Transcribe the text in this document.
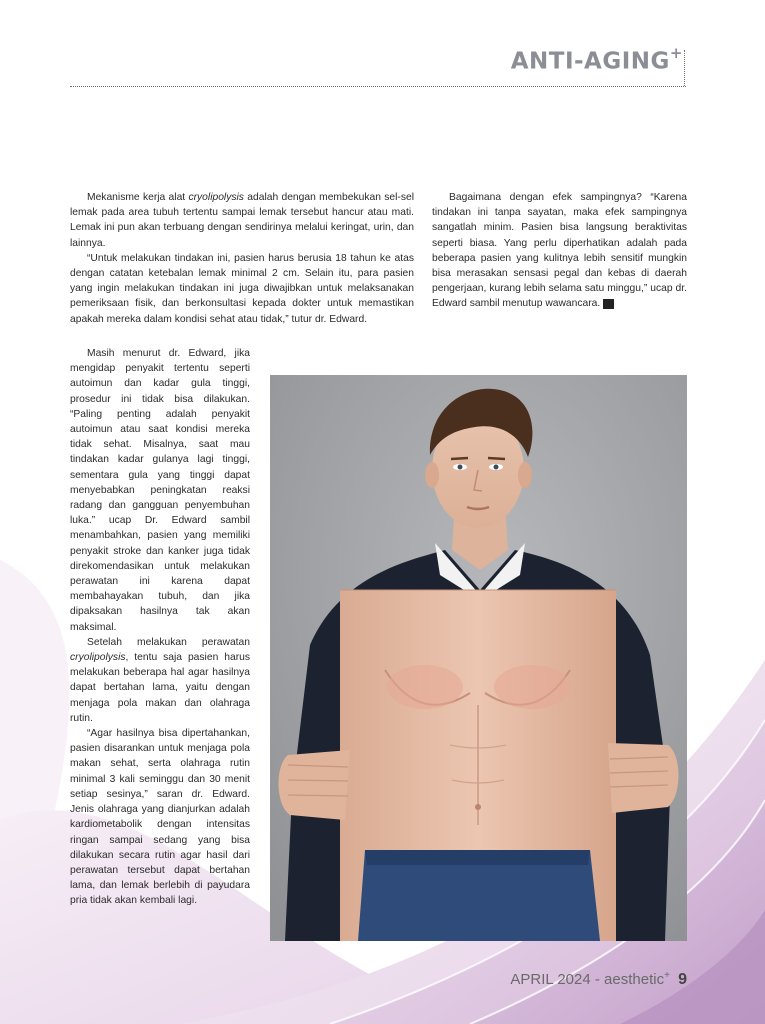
ANTI-AGING+

Mekanisme kerja alat cryolipolysis adalah dengan membekukan sel-sel lemak pada area tubuh tertentu sampai lemak tersebut hancur atau mati. Lemak ini pun akan terbuang dengan sendirinya melalui keringat, urin, dan lainnya.

“Untuk melakukan tindakan ini, pasien harus berusia 18 tahun ke atas dengan catatan ketebalan lemak minimal 2 cm. Selain itu, para pasien yang ingin melakukan tindakan ini juga diwajibkan untuk melaksanakan pemeriksaan fisik, dan berkonsultasi kepada dokter untuk memastikan apakah mereka dalam kondisi sehat atau tidak,” tutur dr. Edward.

Bagaimana dengan efek sampingnya? “Karena tindakan ini tanpa sayatan, maka efek sampingnya sangatlah minim. Pasien bisa langsung beraktivitas seperti biasa. Yang perlu diperhatikan adalah pada beberapa pasien yang kulitnya lebih sensitif mungkin bisa merasakan sensasi pegal dan kebas di daerah pengerjaan, kurang lebih selama satu minggu,” ucap dr. Edward sambil menutup wawancara.	a+

Masih menurut dr. Edward, jika mengidap penyakit tertentu seperti autoimun dan kadar gula tinggi, prosedur ini tidak bisa dilakukan. “Paling penting adalah penyakit autoimun atau saat kondisi mereka tidak sehat. Misalnya, saat mau tindakan kadar gulanya lagi tinggi, sementara gula yang tinggi dapat menyebabkan peningkatan reaksi radang dan gangguan penyembuhan luka.” ucap Dr. Edward sambil menambahkan, pasien yang memiliki penyakit stroke dan kanker juga tidak direkomendasikan untuk melakukan perawatan ini karena dapat membahayakan tubuh, dan jika dipaksakan hasilnya tak akan maksimal.

Setelah melakukan perawatan cryolipolysis, tentu saja pasien harus melakukan beberapa hal agar hasilnya dapat bertahan lama, yaitu dengan menjaga pola makan dan olahraga rutin.

“Agar hasilnya bisa dipertahankan, pasien disarankan untuk menjaga pola makan sehat, serta olahraga rutin minimal 3 kali seminggu dan 30 menit setiap sesinya,” saran dr. Edward. Jenis olahraga yang dianjurkan adalah kardiometabolik dengan intensitas ringan sampai sedang yang bisa dilakukan secara rutin agar hasil dari perawatan tersebut dapat bertahan lama, dan lemak berlebih di payudara pria tidak akan kembali lagi.

APRIL 2024 - aesthetic+ 9
